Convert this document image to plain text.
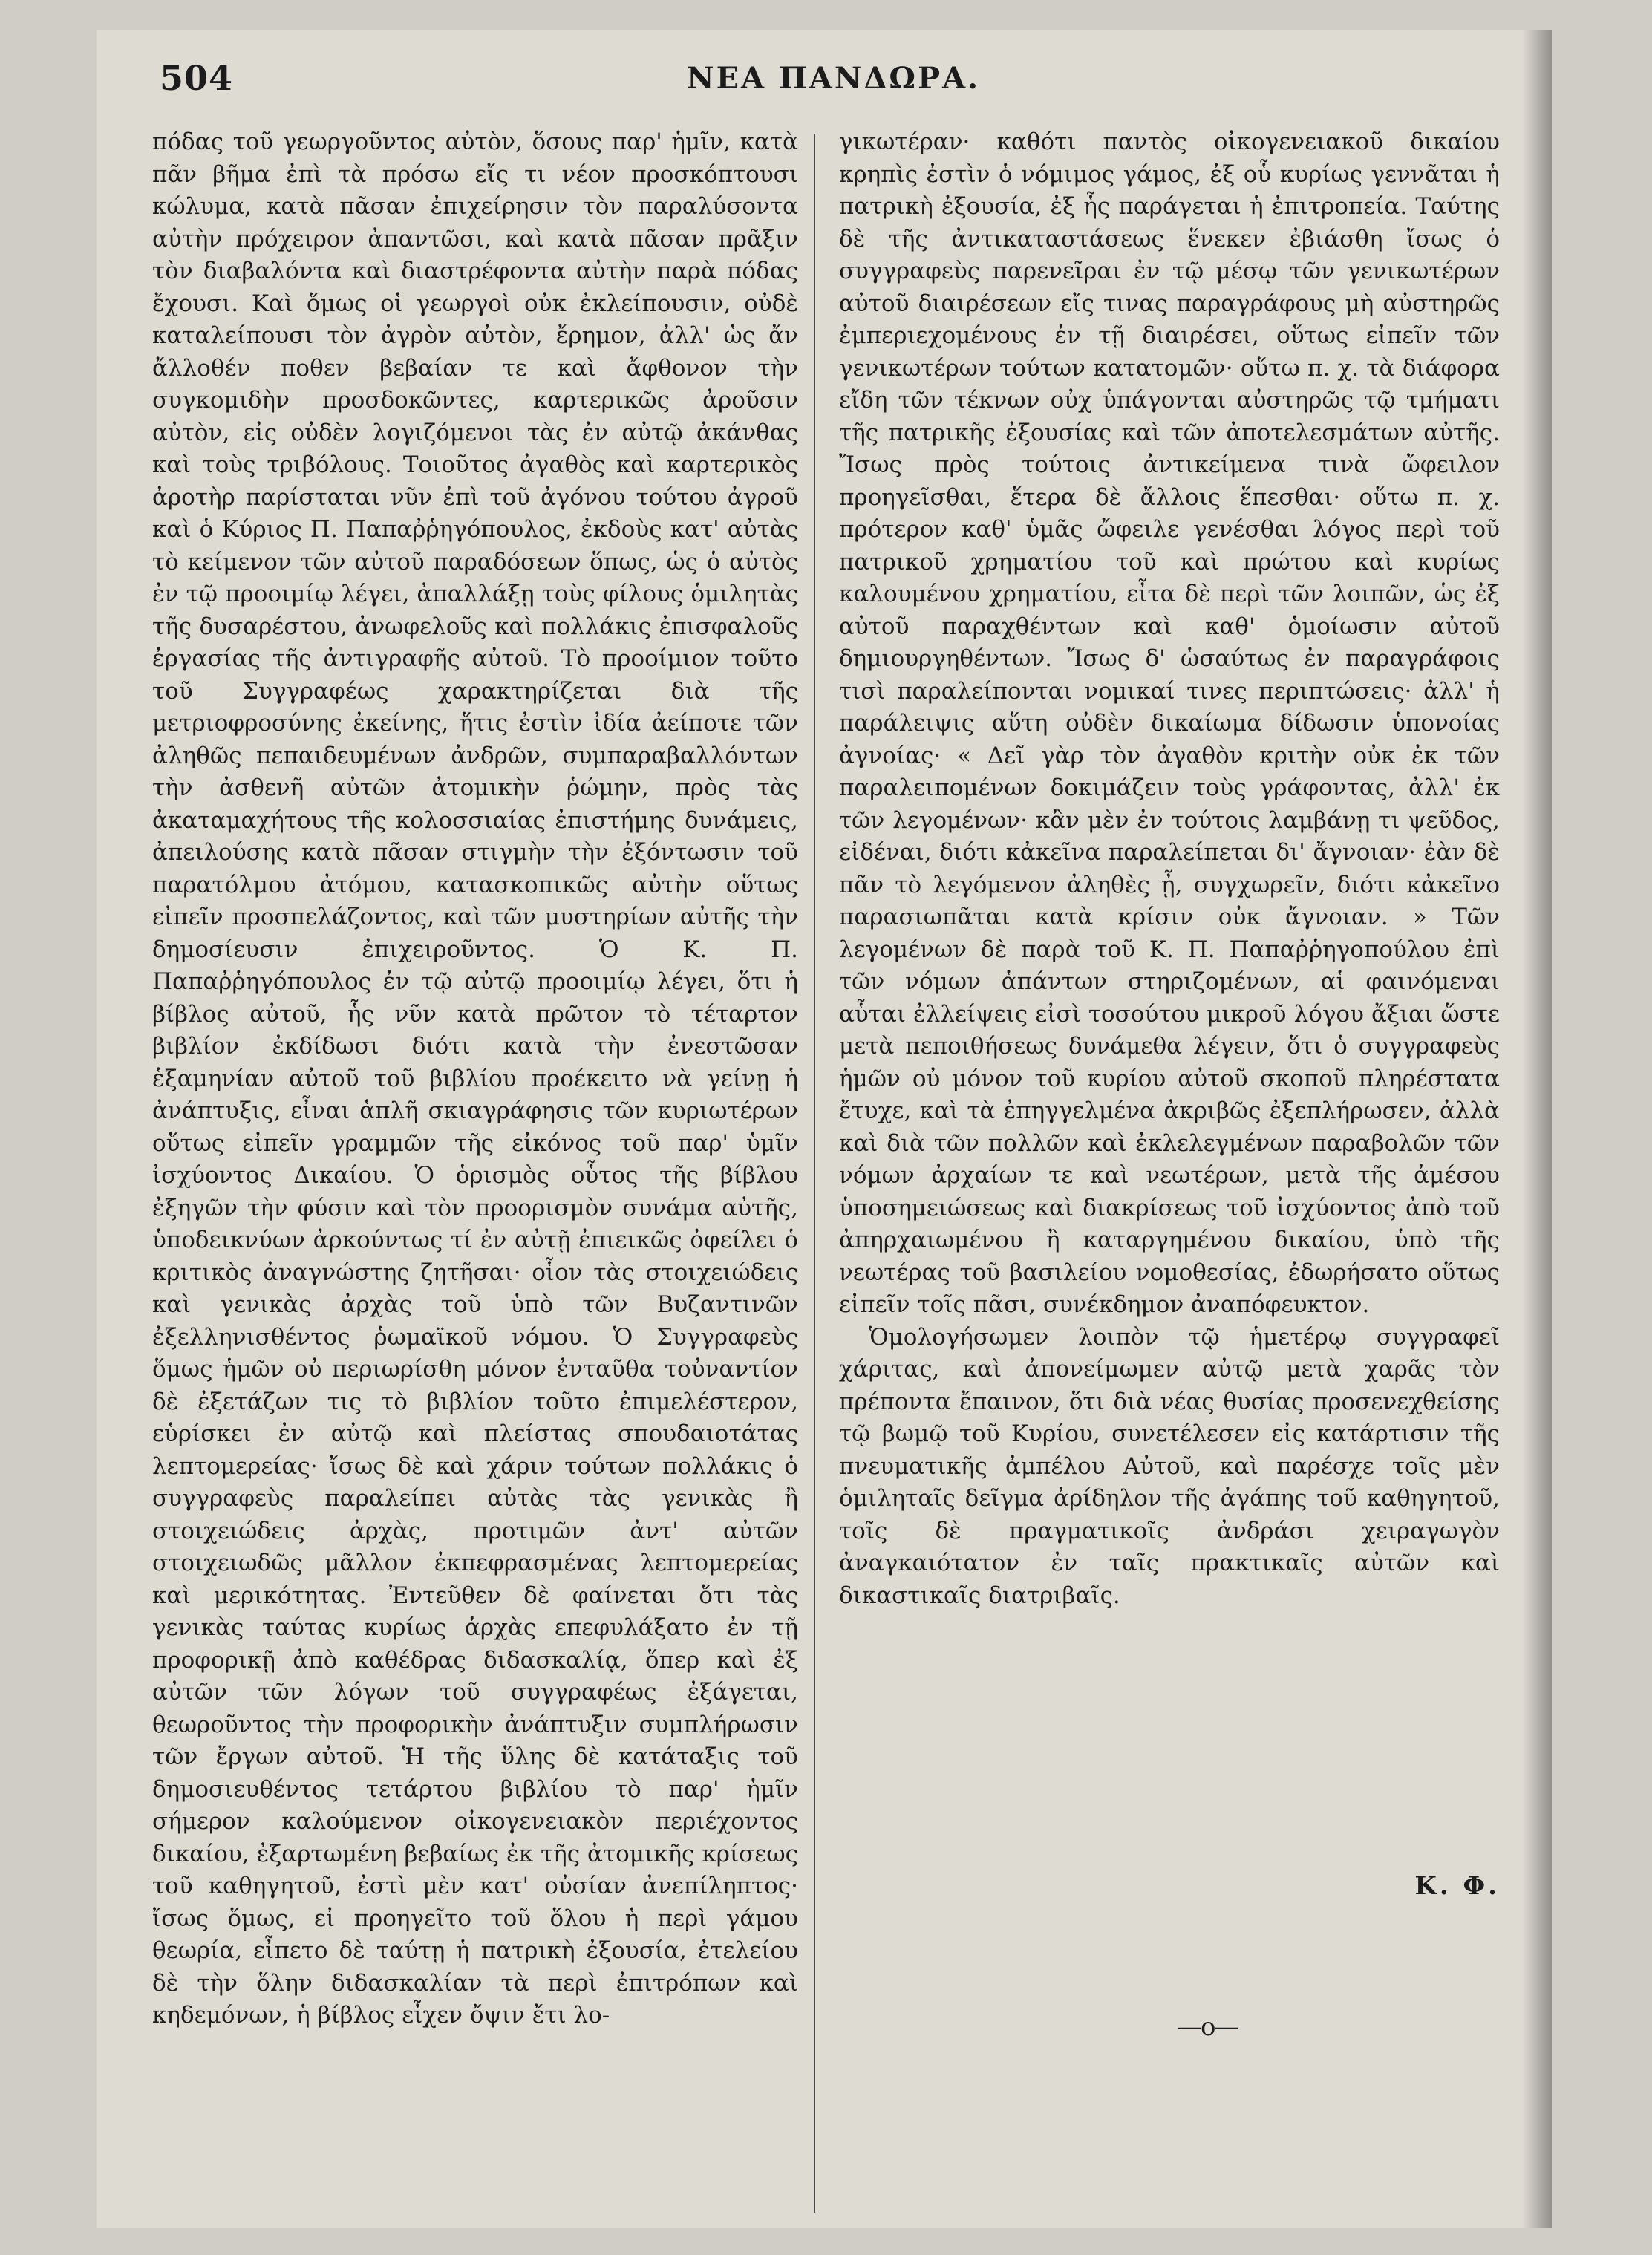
504	ΝΕΑ ΠΑΝΔΩΡΑ.

πόδας τοῦ γεωργοῦντος αὐτὸν, ὅσους παρ' ἡμῖν, κατὰ πᾶν βῆμα ἐπὶ τὰ πρόσω εἴς τι νέον προσκόπτουσι κώλυμα, κατὰ πᾶσαν ἐπιχείρησιν τὸν παραλύσοντα αὐτὴν πρόχειρον ἀπαντῶσι, καὶ κατὰ πᾶσαν πρᾶξιν τὸν διαβαλόντα καὶ διαστρέφοντα αὐτὴν παρὰ πόδας ἔχουσι. Καὶ ὅμως οἱ γεωργοὶ οὐκ ἐκλείπουσιν, οὐδὲ καταλείπουσι τὸν ἀγρὸν αὐτὸν, ἔρημον, ἀλλ' ὡς ἄν ἄλλοθέν ποθεν βεβαίαν τε καὶ ἄφθονον τὴν συγκομιδὴν προσδοκῶντες, καρτερικῶς ἀροῦσιν αὐτὸν, εἰς οὐδὲν λογιζόμενοι τὰς ἐν αὐτῷ ἀκάνθας καὶ τοὺς τριβόλους. Τοιοῦτος ἀγαθὸς καὶ καρτερικὸς ἀροτὴρ παρίσταται νῦν ἐπὶ τοῦ ἀγόνου τούτου ἀγροῦ καὶ ὁ Κύριος Π. Παπαῤῥηγόπουλος, ἐκδοὺς κατ' αὐτὰς τὸ κείμενον τῶν αὐτοῦ παραδόσεων ὅπως, ὡς ὁ αὐτὸς ἐν τῷ προοιμίῳ λέγει, ἀπαλλάξῃ τοὺς φίλους ὁμιλητὰς τῆς δυσαρέστου, ἀνωφελοῦς καὶ πολλάκις ἐπισφαλοῦς ἐργασίας τῆς ἀντιγραφῆς αὐτοῦ. Τὸ προοίμιον τοῦτο τοῦ Συγγραφέως χαρακτηρίζεται διὰ τῆς μετριοφροσύνης ἐκείνης, ἥτις ἐστὶν ἰδία ἀείποτε τῶν ἀληθῶς πεπαιδευμένων ἀνδρῶν, συμπαραβαλλόντων τὴν ἀσθενῆ αὐτῶν ἀτομικὴν ῥώμην, πρὸς τὰς ἀκαταμαχήτους τῆς κολοσσιαίας ἐπιστήμης δυνάμεις, ἀπειλούσης κατὰ πᾶσαν στιγμὴν τὴν ἐξόντωσιν τοῦ παρατόλμου ἀτόμου, κατασκοπικῶς αὐτὴν οὕτως εἰπεῖν προσπελάζοντος, καὶ τῶν μυστηρίων αὐτῆς τὴν δημοσίευσιν ἐπιχειροῦντος. Ὁ Κ. Π. Παπαῤῥηγόπουλος ἐν τῷ αὐτῷ προοιμίῳ λέγει, ὅτι ἡ βίβλος αὐτοῦ, ἧς νῦν κατὰ πρῶτον τὸ τέταρτον βιβλίον ἐκδίδωσι διότι κατὰ τὴν ἐνεστῶσαν ἑξαμηνίαν αὐτοῦ τοῦ βιβλίου προέκειτο νὰ γείνῃ ἡ ἀνάπτυξις, εἶναι ἁπλῆ σκιαγράφησις τῶν κυριωτέρων οὕτως εἰπεῖν γραμμῶν τῆς εἰκόνος τοῦ παρ' ὑμῖν ἰσχύοντος Δικαίου. Ὁ ὁρισμὸς οὗτος τῆς βίβλου ἐξηγῶν τὴν φύσιν καὶ τὸν προορισμὸν συνάμα αὐτῆς, ὑποδεικνύων ἀρκούντως τί ἐν αὐτῇ ἐπιεικῶς ὀφείλει ὁ κριτικὸς ἀναγνώστης ζητῆσαι· οἷον τὰς στοιχειώδεις καὶ γενικὰς ἀρχὰς τοῦ ὑπὸ τῶν Βυζαντινῶν ἐξελληνισθέντος ῥωμαϊκοῦ νόμου. Ὁ Συγγραφεὺς ὅμως ἡμῶν οὐ περιωρίσθη μόνον ἐνταῦθα τοὐναντίον δὲ ἐξετάζων τις τὸ βιβλίον τοῦτο ἐπιμελέστερον, εὑρίσκει ἐν αὐτῷ καὶ πλείστας σπουδαιοτάτας λεπτομερείας· ἴσως δὲ καὶ χάριν τούτων πολλάκις ὁ συγγραφεὺς παραλείπει αὐτὰς τὰς γενικὰς ἢ στοιχειώδεις ἀρχὰς, προτιμῶν ἀντ' αὐτῶν στοιχειωδῶς μᾶλλον ἐκπεφρασμένας λεπτομερείας καὶ μερικότητας. Ἐντεῦθεν δὲ φαίνεται ὅτι τὰς γενικὰς ταύτας κυρίως ἀρχὰς επεφυλάξατο ἐν τῇ προφορικῇ ἀπὸ καθέδρας διδασκαλίᾳ, ὅπερ καὶ ἐξ αὐτῶν τῶν λόγων τοῦ συγγραφέως ἐξάγεται, θεωροῦντος τὴν προφορικὴν ἀνάπτυξιν συμπλήρωσιν τῶν ἔργων αὐτοῦ. Ἡ τῆς ὕλης δὲ κατάταξις τοῦ δημοσιευθέντος τετάρτου βιβλίου τὸ παρ' ἡμῖν σήμερον καλούμενον οἰκογενειακὸν περιέχοντος δικαίου, ἐξαρτωμένη βεβαίως ἐκ τῆς ἀτομικῆς κρίσεως τοῦ καθηγητοῦ, ἐστὶ μὲν κατ' οὐσίαν ἀνεπίληπτος· ἴσως ὅμως, εἰ προηγεῖτο τοῦ ὅλου ἡ περὶ γάμου θεωρία, εἶπετο δὲ ταύτῃ ἡ πατρικὴ ἐξουσία, ἐτελείου δὲ τὴν ὅλην διδασκαλίαν τὰ περὶ ἐπιτρόπων καὶ κηδεμόνων, ἡ βίβλος εἶχεν ὄψιν ἔτι λο-

γικωτέραν· καθότι παντὸς οἰκογενειακοῦ δικαίου κρηπὶς ἐστὶν ὁ νόμιμος γάμος, ἐξ οὗ κυρίως γεννᾶται ἡ πατρικὴ ἐξουσία, ἐξ ἧς παράγεται ἡ ἐπιτροπεία. Ταύτης δὲ τῆς ἀντικαταστάσεως ἕνεκεν ἐβιάσθη ἴσως ὁ συγγραφεὺς παρενεῖραι ἐν τῷ μέσῳ τῶν γενικωτέρων αὐτοῦ διαιρέσεων εἴς τινας παραγράφους μὴ αὐστηρῶς ἐμπεριεχομένους ἐν τῇ διαιρέσει, οὕτως εἰπεῖν τῶν γενικωτέρων τούτων κατατομῶν· οὕτω π. χ. τὰ διάφορα εἴδη τῶν τέκνων οὐχ ὑπάγονται αὐστηρῶς τῷ τμήματι τῆς πατρικῆς ἐξουσίας καὶ τῶν ἀποτελεσμάτων αὐτῆς. Ἴσως πρὸς τούτοις ἀντικείμενα τινὰ ὤφειλον προηγεῖσθαι, ἕτερα δὲ ἄλλοις ἕπεσθαι· οὕτω π. χ. πρότερον καθ' ὑμᾶς ὤφειλε γενέσθαι λόγος περὶ τοῦ πατρικοῦ χρηματίου τοῦ καὶ πρώτου καὶ κυρίως καλουμένου χρηματίου, εἶτα δὲ περὶ τῶν λοιπῶν, ὡς ἐξ αὐτοῦ παραχθέντων καὶ καθ' ὁμοίωσιν αὐτοῦ δημιουργηθέντων. Ἴσως δ' ὡσαύτως ἐν παραγράφοις τισὶ παραλείπονται νομικαί τινες περιπτώσεις· ἀλλ' ἡ παράλειψις αὕτη οὐδὲν δικαίωμα δίδωσιν ὑπονοίας ἀγνοίας· « Δεῖ γὰρ τὸν ἀγαθὸν κριτὴν οὐκ ἐκ τῶν παραλειπομένων δοκιμάζειν τοὺς γράφοντας, ἀλλ' ἐκ τῶν λεγομένων· κἂν μὲν ἐν τούτοις λαμβάνῃ τι ψεῦδος, εἰδέναι, διότι κἀκεῖνα παραλείπεται δι' ἄγνοιαν· ἐὰν δὲ πᾶν τὸ λεγόμενον ἀληθὲς ᾖ, συγχωρεῖν, διότι κἀκεῖνο παρασιωπᾶται κατὰ κρίσιν οὐκ ἄγνοιαν. » Τῶν λεγομένων δὲ παρὰ τοῦ Κ. Π. Παπαῤῥηγοπούλου ἐπὶ τῶν νόμων ἁπάντων στηριζομένων, αἱ φαινόμεναι αὗται ἐλλείψεις εἰσὶ τοσούτου μικροῦ λόγου ἄξιαι ὥστε μετὰ πεποιθήσεως δυνάμεθα λέγειν, ὅτι ὁ συγγραφεὺς ἡμῶν οὐ μόνον τοῦ κυρίου αὐτοῦ σκοποῦ πληρέστατα ἔτυχε, καὶ τὰ ἐπηγγελμένα ἀκριβῶς ἐξεπλήρωσεν, ἀλλὰ καὶ διὰ τῶν πολλῶν καὶ ἐκλελεγμένων παραβολῶν τῶν νόμων ἀρχαίων τε καὶ νεωτέρων, μετὰ τῆς ἀμέσου ὑποσημειώσεως καὶ διακρίσεως τοῦ ἰσχύοντος ἀπὸ τοῦ ἀπηρχαιωμένου ἢ καταργημένου δικαίου, ὑπὸ τῆς νεωτέρας τοῦ βασιλείου νομοθεσίας, ἐδωρήσατο οὕτως εἰπεῖν τοῖς πᾶσι, συνέκδημον ἀναπόφευκτον.

Ὁμολογήσωμεν λοιπὸν τῷ ἡμετέρῳ συγγραφεῖ χάριτας, καὶ ἀπονείμωμεν αὐτῷ μετὰ χαρᾶς τὸν πρέποντα ἔπαινον, ὅτι διὰ νέας θυσίας προσενεχθείσης τῷ βωμῷ τοῦ Κυρίου, συνετέλεσεν εἰς κατάρτισιν τῆς πνευματικῆς ἀμπέλου Αὐτοῦ, καὶ παρέσχε τοῖς μὲν ὁμιληταῖς δεῖγμα ἀρίδηλον τῆς ἀγάπης τοῦ καθηγητοῦ, τοῖς δὲ πραγματικοῖς ἀνδράσι χειραγωγὸν ἀναγκαιότατον ἐν ταῖς πρακτικαῖς αὐτῶν καὶ δικαστικαῖς διατριβαῖς.

Κ. Φ.
—o—
